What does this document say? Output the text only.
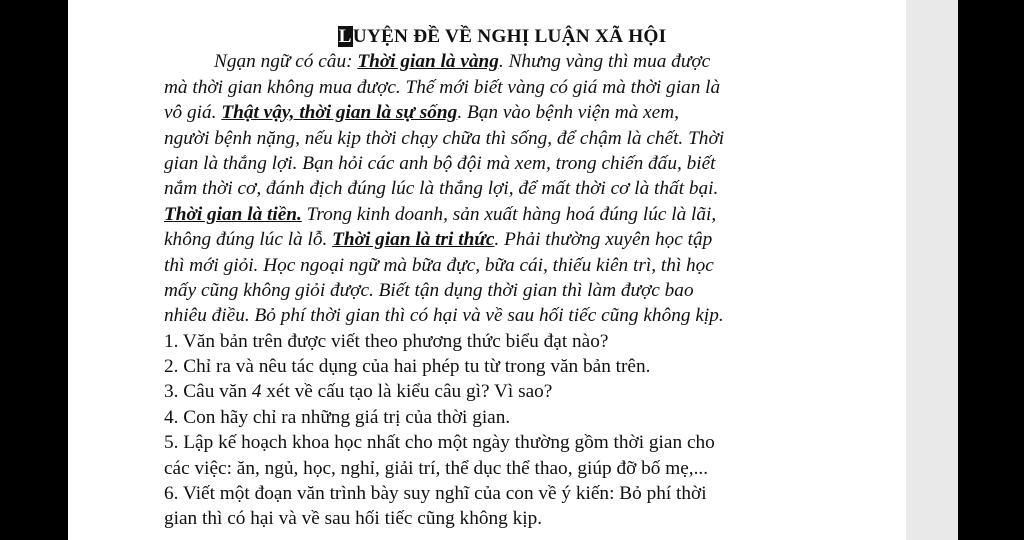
LUYỆN ĐỀ VỀ NGHỊ LUẬN XÃ HỘI
Ngạn ngữ có câu: Thời gian là vàng. Nhưng vàng thì mua được
mà thời gian không mua được. Thế mới biết vàng có giá mà thời gian là
vô giá. Thật vậy, thời gian là sự sống. Bạn vào bệnh viện mà xem,
người bệnh nặng, nếu kịp thời chạy chữa thì sống, để chậm là chết. Thời
gian là thắng lợi. Bạn hỏi các anh bộ đội mà xem, trong chiến đấu, biết
nắm thời cơ, đánh địch đúng lúc là thắng lợi, để mất thời cơ là thất bại.
Thời gian là tiền. Trong kinh doanh, sản xuất hàng hoá đúng lúc là lãi,
không đúng lúc là lỗ. Thời gian là tri thức. Phải thường xuyên học tập
thì mới giỏi. Học ngoại ngữ mà bữa đực, bữa cái, thiếu kiên trì, thì học
mấy cũng không giỏi được. Biết tận dụng thời gian thì làm được bao
nhiêu điều. Bỏ phí thời gian thì có hại và về sau hối tiếc cũng không kịp.
1. Văn bản trên được viết theo phương thức biểu đạt nào?
2. Chỉ ra và nêu tác dụng của hai phép tu từ trong văn bản trên.
3. Câu văn 4 xét về cấu tạo là kiểu câu gì? Vì sao?
4. Con hãy chỉ ra những giá trị của thời gian.
5. Lập kế hoạch khoa học nhất cho một ngày thường gồm thời gian cho
các việc: ăn, ngủ, học, nghỉ, giải trí, thể dục thể thao, giúp đỡ bố mẹ,...
6. Viết một đoạn văn trình bày suy nghĩ của con về ý kiến: Bỏ phí thời
gian thì có hại và về sau hối tiếc cũng không kịp.
